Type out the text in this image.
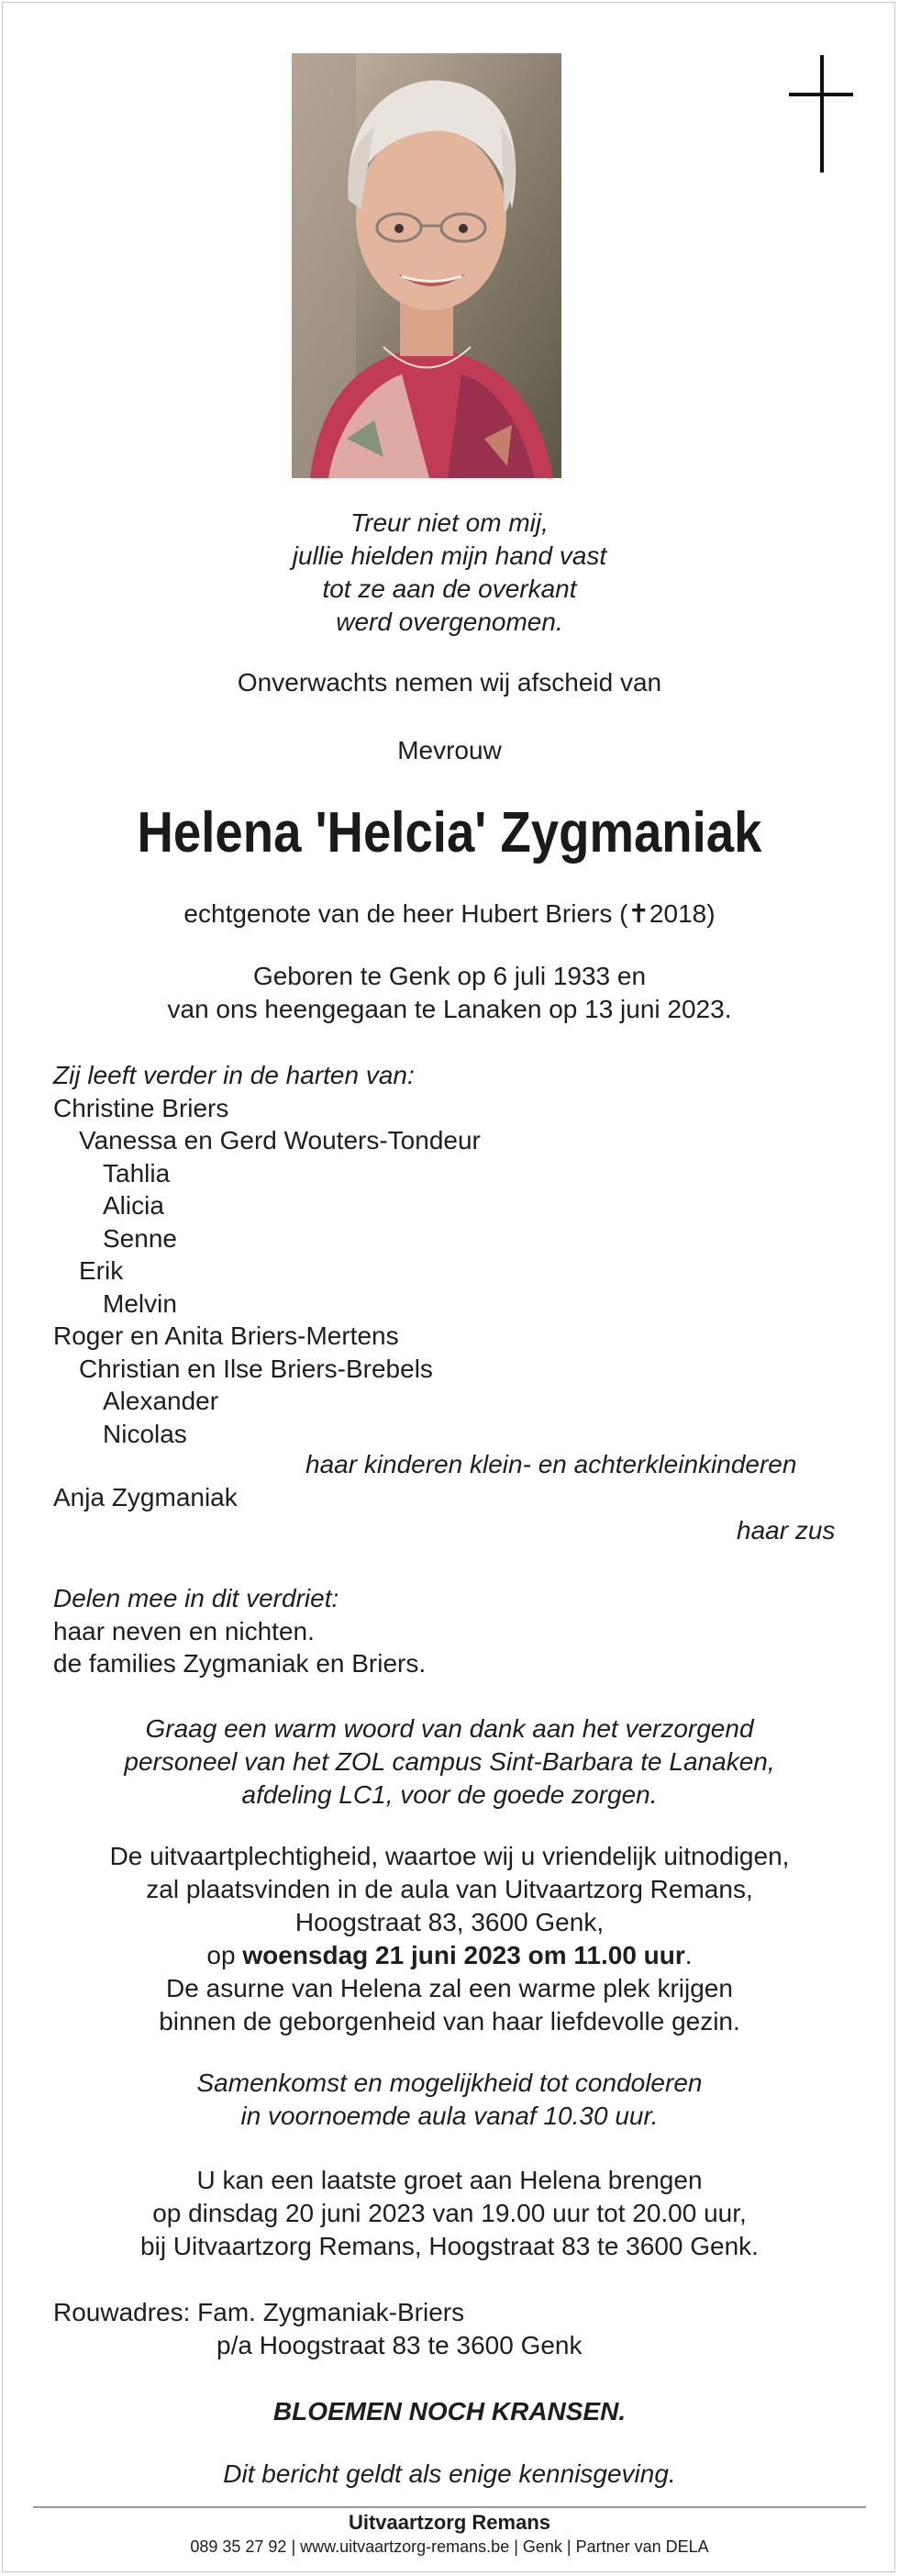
Treur niet om mij,
jullie hielden mijn hand vast
tot ze aan de overkant
werd overgenomen.
Onverwachts nemen wij afscheid van
Mevrouw
Helena 'Helcia' Zygmaniak
echtgenote van de heer Hubert Briers (✝2018)
Geboren te Genk op 6 juli 1933 en
van ons heengegaan te Lanaken op 13 juni 2023.
Zij leeft verder in de harten van:
Christine Briers
Vanessa en Gerd Wouters-Tondeur
Tahlia
Alicia
Senne
Erik
Melvin
Roger en Anita Briers-Mertens
Christian en Ilse Briers-Brebels
Alexander
Nicolas
haar kinderen klein- en achterkleinkinderen
Anja Zygmaniak
haar zus
Delen mee in dit verdriet:
haar neven en nichten.
de families Zygmaniak en Briers.
Graag een warm woord van dank aan het verzorgend
personeel van het ZOL campus Sint-Barbara te Lanaken,
afdeling LC1, voor de goede zorgen.
De uitvaartplechtigheid, waartoe wij u vriendelijk uitnodigen,
zal plaatsvinden in de aula van Uitvaartzorg Remans,
Hoogstraat 83, 3600 Genk,
op woensdag 21 juni 2023 om 11.00 uur.
De asurne van Helena zal een warme plek krijgen
binnen de geborgenheid van haar liefdevolle gezin.
Samenkomst en mogelijkheid tot condoleren
in voornoemde aula vanaf 10.30 uur.
U kan een laatste groet aan Helena brengen
op dinsdag 20 juni 2023 van 19.00 uur tot 20.00 uur,
bij Uitvaartzorg Remans, Hoogstraat 83 te 3600 Genk.
Rouwadres: Fam. Zygmaniak-Briers
p/a Hoogstraat 83 te 3600 Genk
BLOEMEN NOCH KRANSEN.
Dit bericht geldt als enige kennisgeving.
Uitvaartzorg Remans
089 35 27 92 | www.uitvaartzorg-remans.be | Genk | Partner van DELA
